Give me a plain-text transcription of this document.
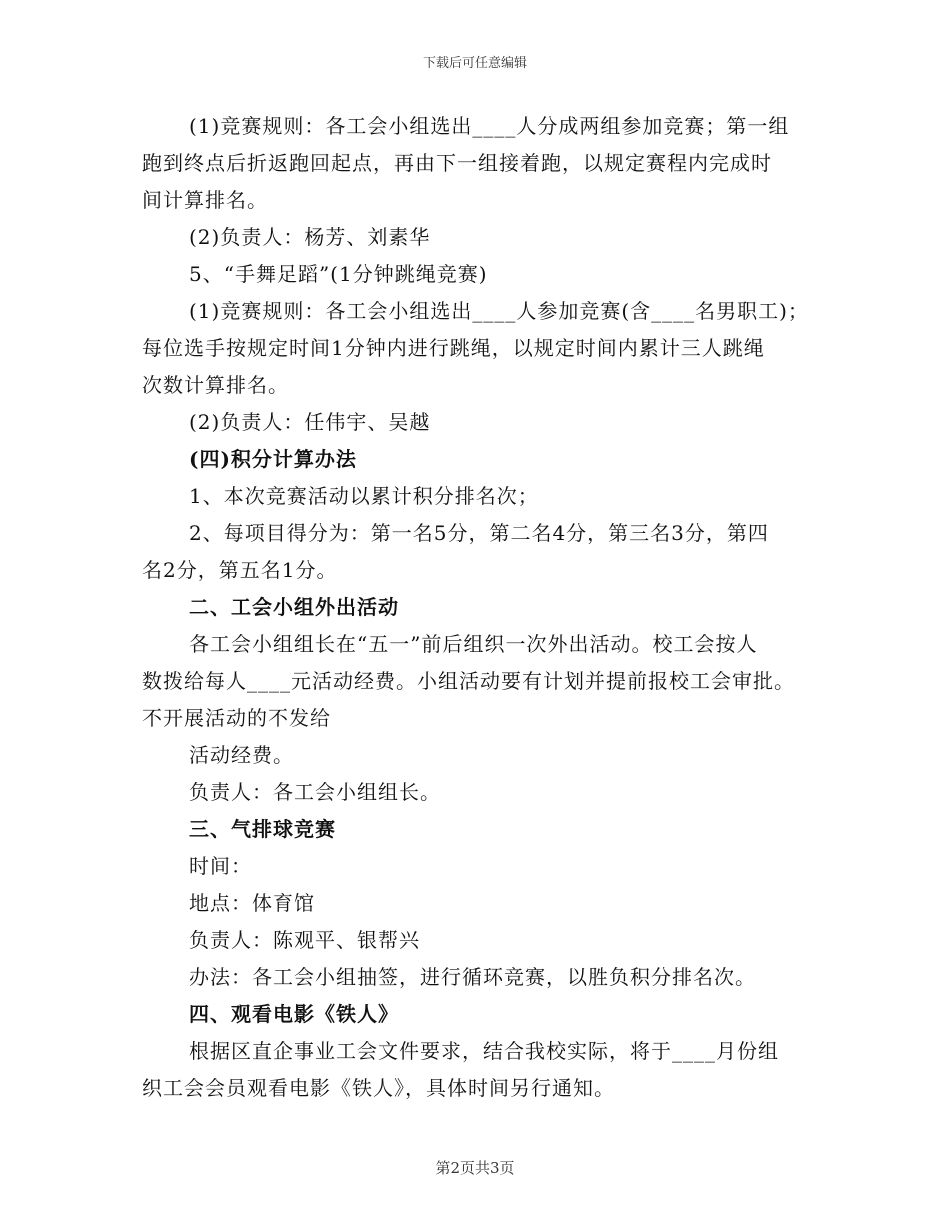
下载后可任意编辑
(1)竞赛规则：各工会小组选出____人分成两组参加竞赛；第一组
跑到终点后折返跑回起点，再由下一组接着跑，以规定赛程内完成时
间计算排名。
(2)负责人：杨芳、刘素华
5、“手舞足蹈”(1分钟跳绳竞赛)
(1)竞赛规则：各工会小组选出____人参加竞赛(含____名男职工)；
每位选手按规定时间1分钟内进行跳绳，以规定时间内累计三人跳绳
次数计算排名。
(2)负责人：任伟宇、吴越
(四)积分计算办法
1、本次竞赛活动以累计积分排名次；
2、每项目得分为：第一名5分，第二名4分，第三名3分，第四
名2分，第五名1分。
二、工会小组外出活动
各工会小组组长在“五一”前后组织一次外出活动。校工会按人
数拨给每人____元活动经费。小组活动要有计划并提前报校工会审批。
不开展活动的不发给
活动经费。
负责人：各工会小组组长。
三、气排球竞赛
时间：
地点：体育馆
负责人：陈观平、银帮兴
办法：各工会小组抽签，进行循环竞赛，以胜负积分排名次。
四、观看电影《铁人》
根据区直企事业工会文件要求，结合我校实际，将于____月份组
织工会会员观看电影《铁人》，具体时间另行通知。
第2页共3页
